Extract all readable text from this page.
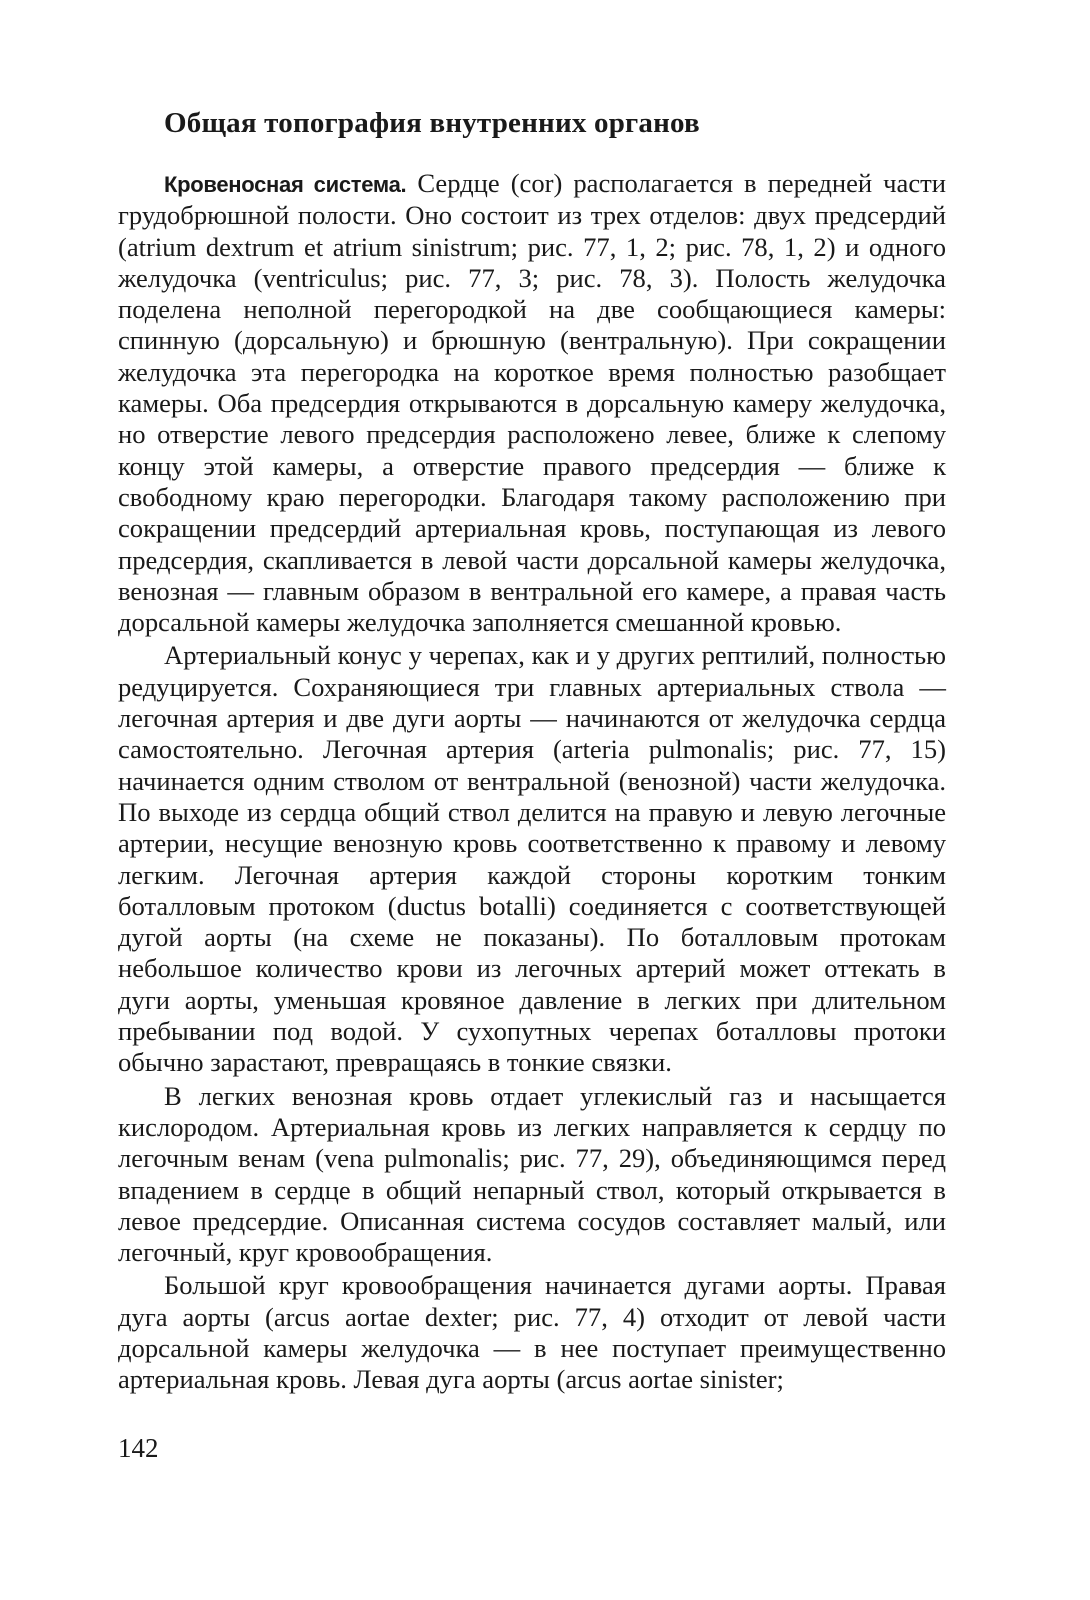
Общая топография внутренних органов

Кровеносная система. Сердце (cor) располагается в передней части грудобрюшной полости. Оно состоит из трех отделов: двух предсердий (atrium dextrum et atrium sinistrum; рис. 77, 1, 2; рис. 78, 1, 2) и одного желудочка (ventriculus; рис. 77, 3; рис. 78, 3). Полость желудочка поделена неполной перегородкой на две сообщающиеся камеры: спинную (дорсальную) и брюшную (вентральную). При сокращении желудочка эта перегородка на короткое время полностью разобщает камеры. Оба предсердия открываются в дорсальную камеру желудочка, но отверстие левого предсердия расположено левее, ближе к слепому концу этой камеры, а отверстие правого предсердия — ближе к свободному краю перегородки. Благодаря такому расположению при сокращении предсердий артериальная кровь, поступающая из левого предсердия, скапливается в левой части дорсальной камеры желудочка, венозная — главным образом в вентральной его камере, а правая часть дорсальной камеры желудочка заполняется смешанной кровью.

Артериальный конус у черепах, как и у других рептилий, полностью редуцируется. Сохраняющиеся три главных артериальных ствола — легочная артерия и две дуги аорты — начинаются от желудочка сердца самостоятельно. Легочная артерия (arteria pulmonalis; рис. 77, 15) начинается одним стволом от вентральной (венозной) части желудочка. По выходе из сердца общий ствол делится на правую и левую легочные артерии, несущие венозную кровь соответственно к правому и левому легким. Легочная артерия каждой стороны коротким тонким боталловым протоком (ductus botalli) соединяется с соответствующей дугой аорты (на схеме не показаны). По боталловым протокам небольшое количество крови из легочных артерий может оттекать в дуги аорты, уменьшая кровяное давление в легких при длительном пребывании под водой. У сухопутных черепах боталловы протоки обычно зарастают, превращаясь в тонкие связки.

В легких венозная кровь отдает углекислый газ и насыщается кислородом. Артериальная кровь из легких направляется к сердцу по легочным венам (vena pulmonalis; рис. 77, 29), объединяющимся перед впадением в сердце в общий непарный ствол, который открывается в левое предсердие. Описанная система сосудов составляет малый, или легочный, круг кровообращения.

Большой круг кровообращения начинается дугами аорты. Правая дуга аорты (arcus aortae dexter; рис. 77, 4) отходит от левой части дорсальной камеры желудочка — в нее поступает преимущественно артериальная кровь. Левая дуга аорты (arcus aortae sinister;

142
